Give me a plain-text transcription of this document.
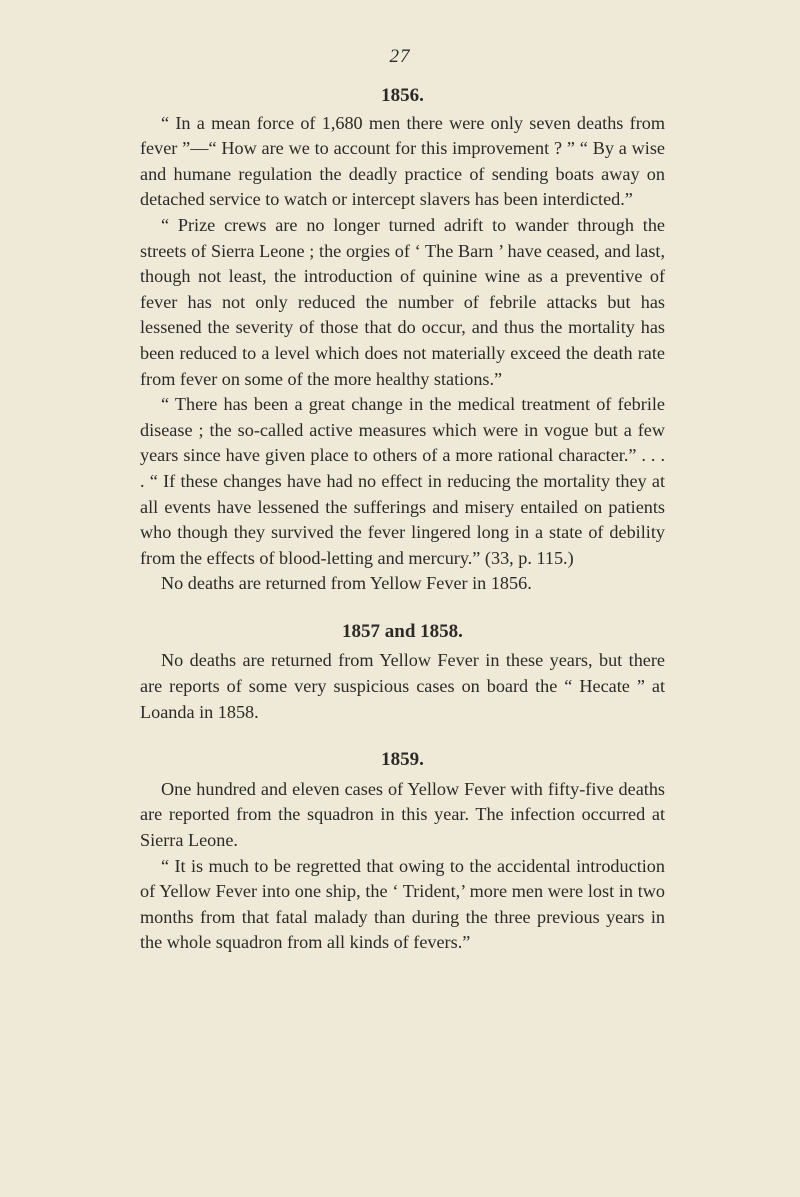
27
1856.

“ In a mean force of 1,680 men there were only seven deaths from fever ”—“ How are we to account for this improvement ? ” “ By a wise and humane regulation the deadly practice of sending boats away on detached service to watch or intercept slavers has been interdicted.”

“ Prize crews are no longer turned adrift to wander through the streets of Sierra Leone ; the orgies of ‘ The Barn ’ have ceased, and last, though not least, the introduction of quinine wine as a preventive of fever has not only reduced the number of febrile attacks but has lessened the severity of those that do occur, and thus the mortality has been reduced to a level which does not materially exceed the death rate from fever on some of the more healthy stations.”

“ There has been a great change in the medical treatment of febrile disease ; the so-called active measures which were in vogue but a few years since have given place to others of a more rational character.” . . . . “ If these changes have had no effect in reducing the mortality they at all events have lessened the sufferings and misery entailed on patients who though they survived the fever lingered long in a state of debility from the effects of blood-letting and mercury.” (33, p. 115.)

No deaths are returned from Yellow Fever in 1856.

1857 and 1858.

No deaths are returned from Yellow Fever in these years, but there are reports of some very suspicious cases on board the “ Hecate ” at Loanda in 1858.

1859.

One hundred and eleven cases of Yellow Fever with fifty-five deaths are reported from the squadron in this year. The infection occurred at Sierra Leone.

“ It is much to be regretted that owing to the accidental introduction of Yellow Fever into one ship, the ‘ Trident,’ more men were lost in two months from that fatal malady than during the three previous years in the whole squadron from all kinds of fevers.”
